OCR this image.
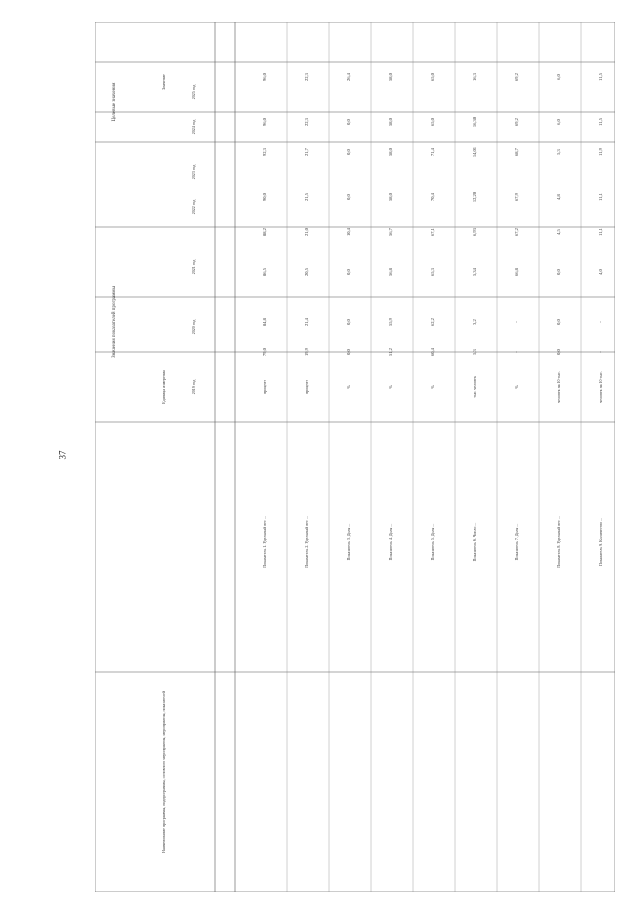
37
Целевые значения
Значения показателей программы
Наименование программы, подпрограммы, основного мероприятия, мероприятия, показателей
Единица измерения
Значение
2019 год
2020 год
2021 год
2022 год
2023 год
2024 год
2025 год
Показатель 1. Удельный вес ...
процент
79,0
84,8
86,5
88,2
90,0
92,3
96,0
96,0
Показатель 2. Удельный вес ...
процент
19,9
21,4
20,5
21,0
21,5
21,7
22,3
22,3
Показатель 3. Доля ...
%
0,0
0,0
0,0
10,4
0,0
0,0
0,0
26,4
Показатель 4. Доля ...
%
51,2
55,9
56,8
56,7
58,0
58,0
58,0
58,0
Показатель 5. Доля ...
%
60,4
62,2
65,3
67,1
70,4
71,4
65,0
65,0
Показатель 6. Число ...
тыс. человек
5,3
3,2
5,34
6,93
12,20
14,01
16,30
16,3
Показатель 7. Доля ...
%
-
-
66,8
67,2
67,9
68,7
69,2
69,2
Показатель 8. Удельный вес ...
человек на 10 тыс.
0,0
0,0
0,0
4,5
4,8
5,3
6,0
6,0
Показатель 9. Количество ...
человек на 10 тыс.
-
-
4,0
11,1
11,1
11,9
11,5
11,5
